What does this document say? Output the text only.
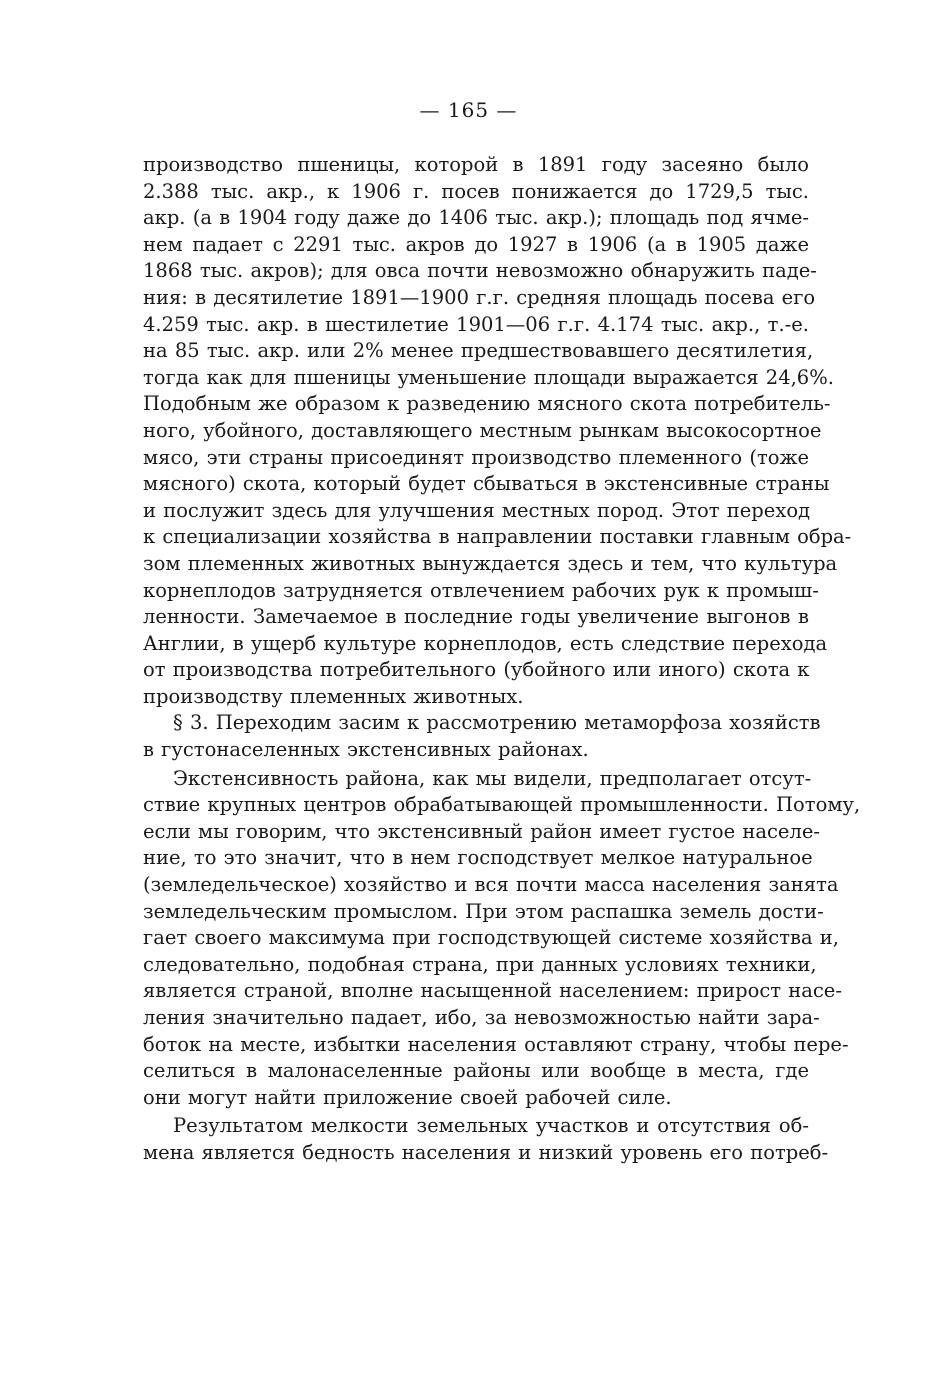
— 165 —
производство пшеницы, которой в 1891 году засеяно было
2.388 тыс. акр., к 1906 г. посев понижается до 1729,5 тыс.
акр. (а в 1904 году даже до 1406 тыс. акр.); площадь под ячме-
нем падает с 2291 тыс. акров до 1927 в 1906 (а в 1905 даже
1868 тыс. акров); для овса почти невозможно обнаружить паде-
ния: в десятилетие 1891—1900 г.г. средняя площадь посева его
4.259 тыс. акр. в шестилетие 1901—06 г.г. 4.174 тыс. акр., т.-е.
на 85 тыс. акр. или 2% менее предшествовавшего десятилетия,
тогда как для пшеницы уменьшение площади выражается 24,6%.
Подобным же образом к разведению мясного скота потребитель-
ного, убойного, доставляющего местным рынкам высокосортное
мясо, эти страны присоединят производство племенного (тоже
мясного) скота, который будет сбываться в экстенсивные страны
и послужит здесь для улучшения местных пород. Этот переход
к специализации хозяйства в направлении поставки главным обра-
зом племенных животных вынуждается здесь и тем, что культура
корнеплодов затрудняется отвлечением рабочих рук к промыш-
ленности. Замечаемое в последние годы увеличение выгонов в
Англии, в ущерб культуре корнеплодов, есть следствие перехода
от производства потребительного (убойного или иного) скота к
производству племенных животных.
§ 3. Переходим засим к рассмотрению метаморфоза хозяйств
в густонаселенных экстенсивных районах.
Экстенсивность района, как мы видели, предполагает отсут-
ствие крупных центров обрабатывающей промышленности. Потому,
если мы говорим, что экстенсивный район имеет густое населе-
ние, то это значит, что в нем господствует мелкое натуральное
(земледельческое) хозяйство и вся почти масса населения занята
земледельческим промыслом. При этом распашка земель дости-
гает своего максимума при господствующей системе хозяйства и,
следовательно, подобная страна, при данных условиях техники,
является страной, вполне насыщенной населением: прирост насе-
ления значительно падает, ибо, за невозможностью найти зара-
боток на месте, избытки населения оставляют страну, чтобы пере-
селиться в малонаселенные районы или вообще в места, где
они могут найти приложение своей рабочей силе.
Результатом мелкости земельных участков и отсутствия об-
мена является бедность населения и низкий уровень его потреб-
